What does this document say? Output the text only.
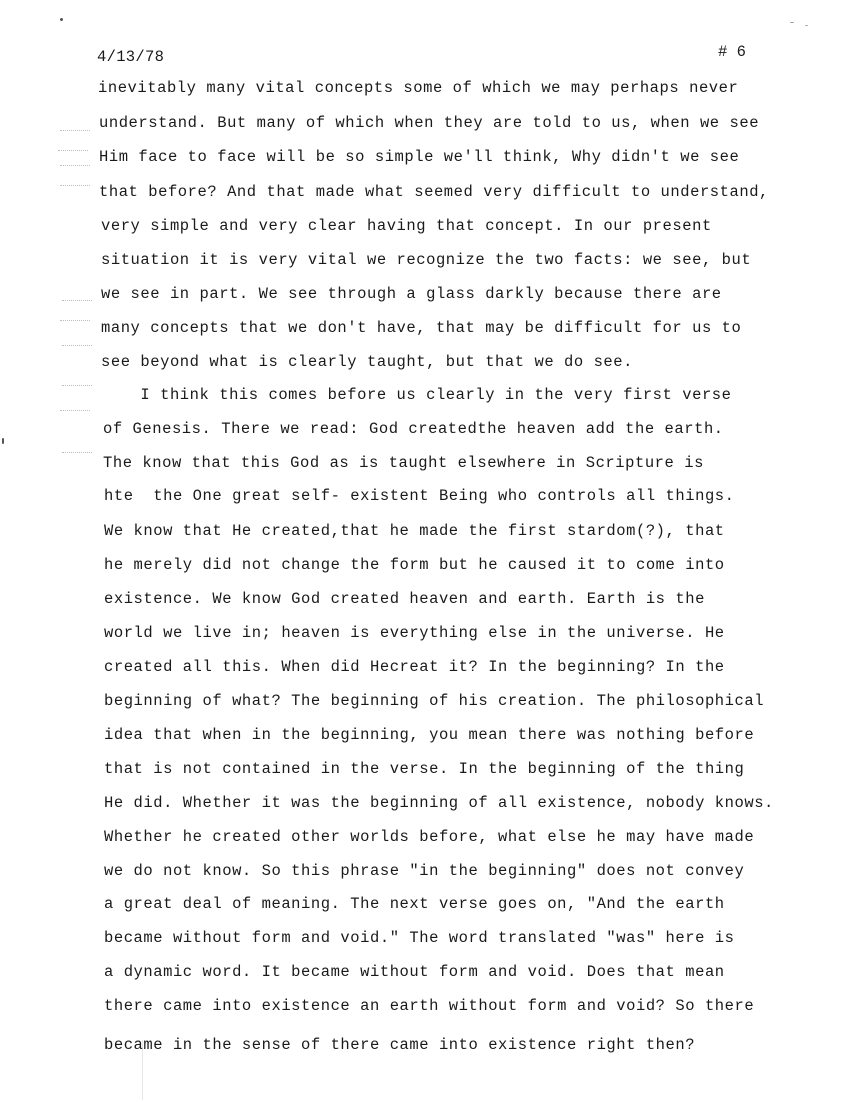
4/13/78	# 6
inevitably many vital concepts some of which we may perhaps never
understand. But many of which when they are told to us, when we see
Him face to face will be so simple we'll think, Why didn't we see
that before? And that made what seemed very difficult to understand,
very simple and very clear having that concept. In our present
situation it is very vital we recognize the two facts: we see, but
we see in part. We see through a glass darkly because there are
many concepts that we don't have, that may be difficult for us to
see beyond what is clearly taught, but that we do see.
I think this comes before us clearly in the very first verse
of Genesis. There we read: God createdthe heaven add the earth.
The know that this God as is taught elsewhere in Scripture is
hte  the One great self- existent Being who controls all things.
We know that He created,that he made the first stardom(?), that
he merely did not change the form but he caused it to come into
existence. We know God created heaven and earth. Earth is the
world we live in; heaven is everything else in the universe. He
created all this. When did Hecreat it? In the beginning? In the
beginning of what? The beginning of his creation. The philosophical
idea that when in the beginning, you mean there was nothing before
that is not contained in the verse. In the beginning of the thing
He did. Whether it was the beginning of all existence, nobody knows.
Whether he created other worlds before, what else he may have made
we do not know. So this phrase "in the beginning" does not convey
a great deal of meaning. The next verse goes on, "And the earth
became without form and void." The word translated "was" here is
a dynamic word. It became without form and void. Does that mean
there came into existence an earth without form and void? So there
became in the sense of there came into existence right then?
